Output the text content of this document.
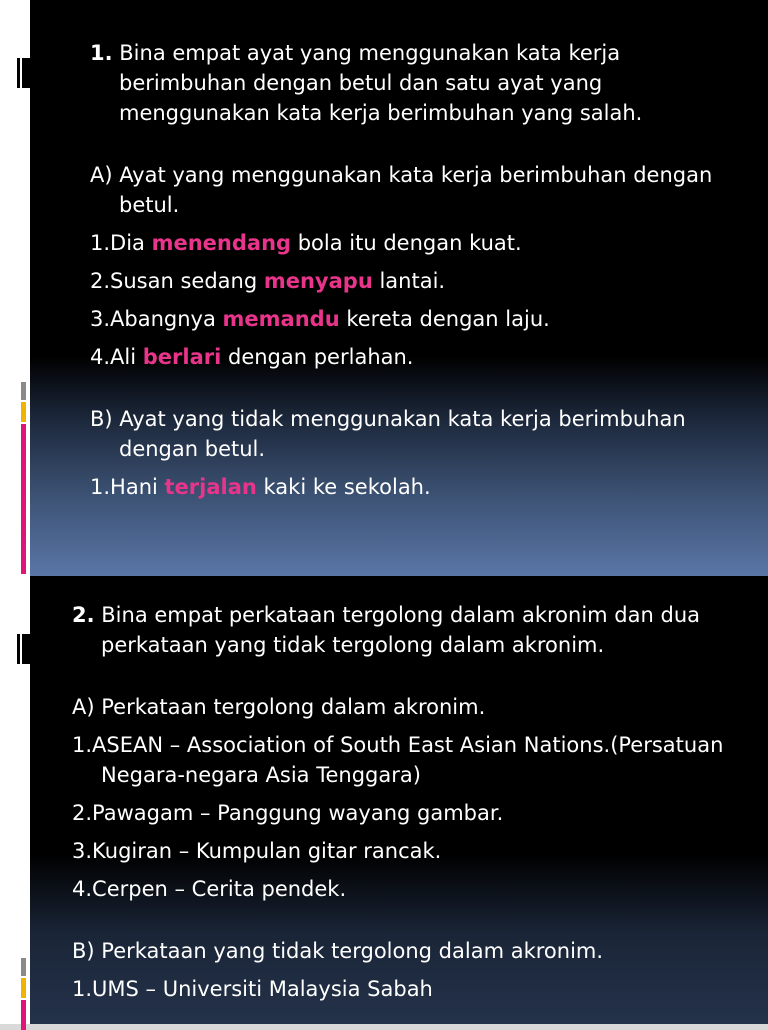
1. Bina empat ayat yang menggunakan kata kerja berimbuhan dengan betul dan satu ayat yang menggunakan kata kerja berimbuhan yang salah.

A) Ayat yang menggunakan kata kerja berimbuhan dengan betul.

1.Dia menendang bola itu dengan kuat.

2.Susan sedang menyapu lantai.

3.Abangnya memandu kereta dengan laju.

4.Ali berlari dengan perlahan.

B) Ayat yang tidak menggunakan kata kerja berimbuhan dengan betul.

1.Hani terjalan kaki ke sekolah.

2. Bina empat perkataan tergolong dalam akronim dan dua perkataan yang tidak tergolong dalam akronim.

A) Perkataan tergolong dalam akronim.

1.ASEAN – Association of South East Asian Nations.(Persatuan Negara-negara Asia Tenggara)

2.Pawagam – Panggung wayang gambar.

3.Kugiran – Kumpulan gitar rancak.

4.Cerpen – Cerita pendek.

B) Perkataan yang tidak tergolong dalam akronim.

1.UMS – Universiti Malaysia Sabah
